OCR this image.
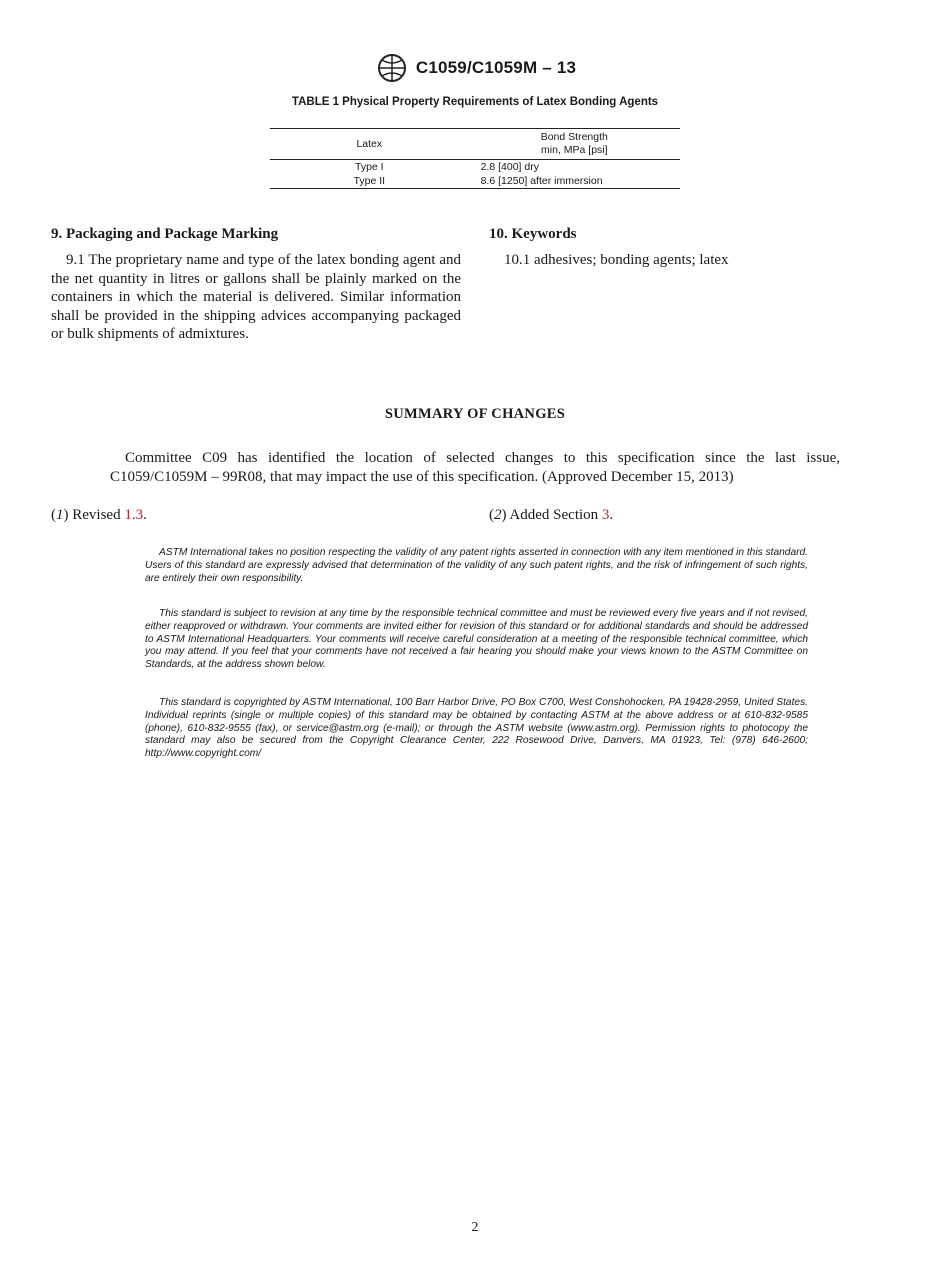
C1059/C1059M – 13
TABLE 1 Physical Property Requirements of Latex Bonding Agents
Latex	Bond Strength
min, MPa [psi]

Type I	2.8 [400] dry
Type II	8.6 [1250] after immersion
9. Packaging and Package Marking
9.1 The proprietary name and type of the latex bonding agent and the net quantity in litres or gallons shall be plainly marked on the containers in which the material is delivered. Similar information shall be provided in the shipping advices accompanying packaged or bulk shipments of admixtures.
10. Keywords
10.1 adhesives; bonding agents; latex
SUMMARY OF CHANGES
Committee C09 has identified the location of selected changes to this specification since the last issue, C1059/C1059M – 99R08, that may impact the use of this specification. (Approved December 15, 2013)
(1) Revised 1.3.	(2) Added Section 3.

ASTM International takes no position respecting the validity of any patent rights asserted in connection with any item mentioned in this standard. Users of this standard are expressly advised that determination of the validity of any such patent rights, and the risk of infringement of such rights, are entirely their own responsibility.

This standard is subject to revision at any time by the responsible technical committee and must be reviewed every five years and if not revised, either reapproved or withdrawn. Your comments are invited either for revision of this standard or for additional standards and should be addressed to ASTM International Headquarters. Your comments will receive careful consideration at a meeting of the responsible technical committee, which you may attend. If you feel that your comments have not received a fair hearing you should make your views known to the ASTM Committee on Standards, at the address shown below.

This standard is copyrighted by ASTM International, 100 Barr Harbor Drive, PO Box C700, West Conshohocken, PA 19428-2959, United States. Individual reprints (single or multiple copies) of this standard may be obtained by contacting ASTM at the above address or at 610-832-9585 (phone), 610-832-9555 (fax), or service@astm.org (e-mail); or through the ASTM website (www.astm.org). Permission rights to photocopy the standard may also be secured from the Copyright Clearance Center, 222 Rosewood Drive, Danvers, MA 01923, Tel: (978) 646-2600; http://www.copyright.com/

2
